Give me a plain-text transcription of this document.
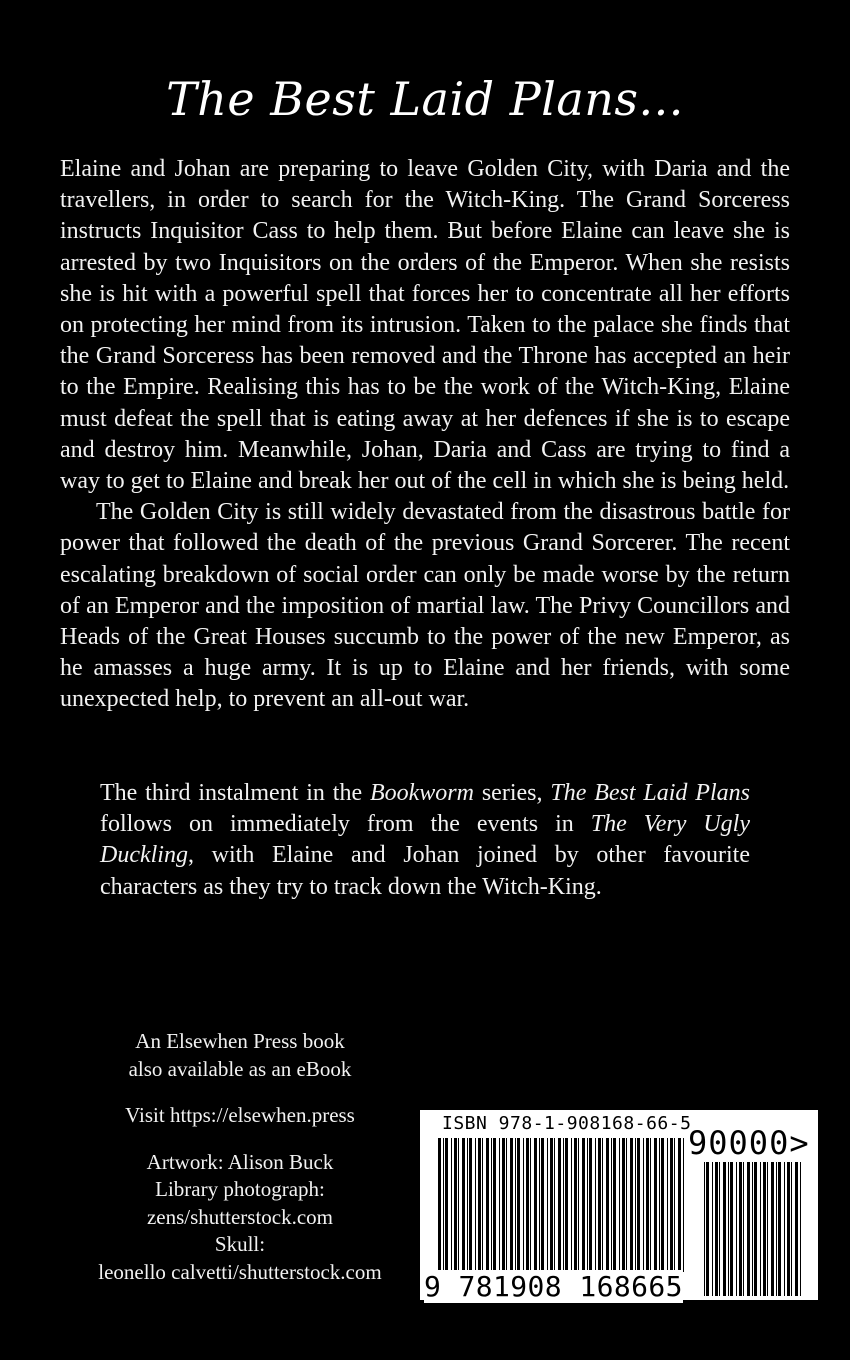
The Best Laid Plans...

Elaine and Johan are preparing to leave Golden City, with Daria and the travellers, in order to search for the Witch-King. The Grand Sorceress instructs Inquisitor Cass to help them. But before Elaine can leave she is arrested by two Inquisitors on the orders of the Emperor. When she resists she is hit with a powerful spell that forces her to concentrate all her efforts on protecting her mind from its intrusion. Taken to the palace she finds that the Grand Sorceress has been removed and the Throne has accepted an heir to the Empire. Realising this has to be the work of the Witch-King, Elaine must defeat the spell that is eating away at her defences if she is to escape and destroy him. Meanwhile, Johan, Daria and Cass are trying to find a way to get to Elaine and break her out of the cell in which she is being held.

The Golden City is still widely devastated from the disastrous battle for power that followed the death of the previous Grand Sorcerer. The recent escalating breakdown of social order can only be made worse by the return of an Emperor and the imposition of martial law. The Privy Councillors and Heads of the Great Houses succumb to the power of the new Emperor, as he amasses a huge army. It is up to Elaine and her friends, with some unexpected help, to prevent an all-out war.

The third instalment in the Bookworm series, The Best Laid Plans follows on immediately from the events in The Very Ugly Duckling, with Elaine and Johan joined by other favourite characters as they try to track down the Witch-King.
An Elsewhen Press book
also available as an eBook
Visit https://elsewhen.press
Artwork: Alison Buck
Library photograph:
zens/shutterstock.com
Skull:
leonello calvetti/shutterstock.com
ISBN 978-1-908168-66-5
90000>
9 781908 168665
